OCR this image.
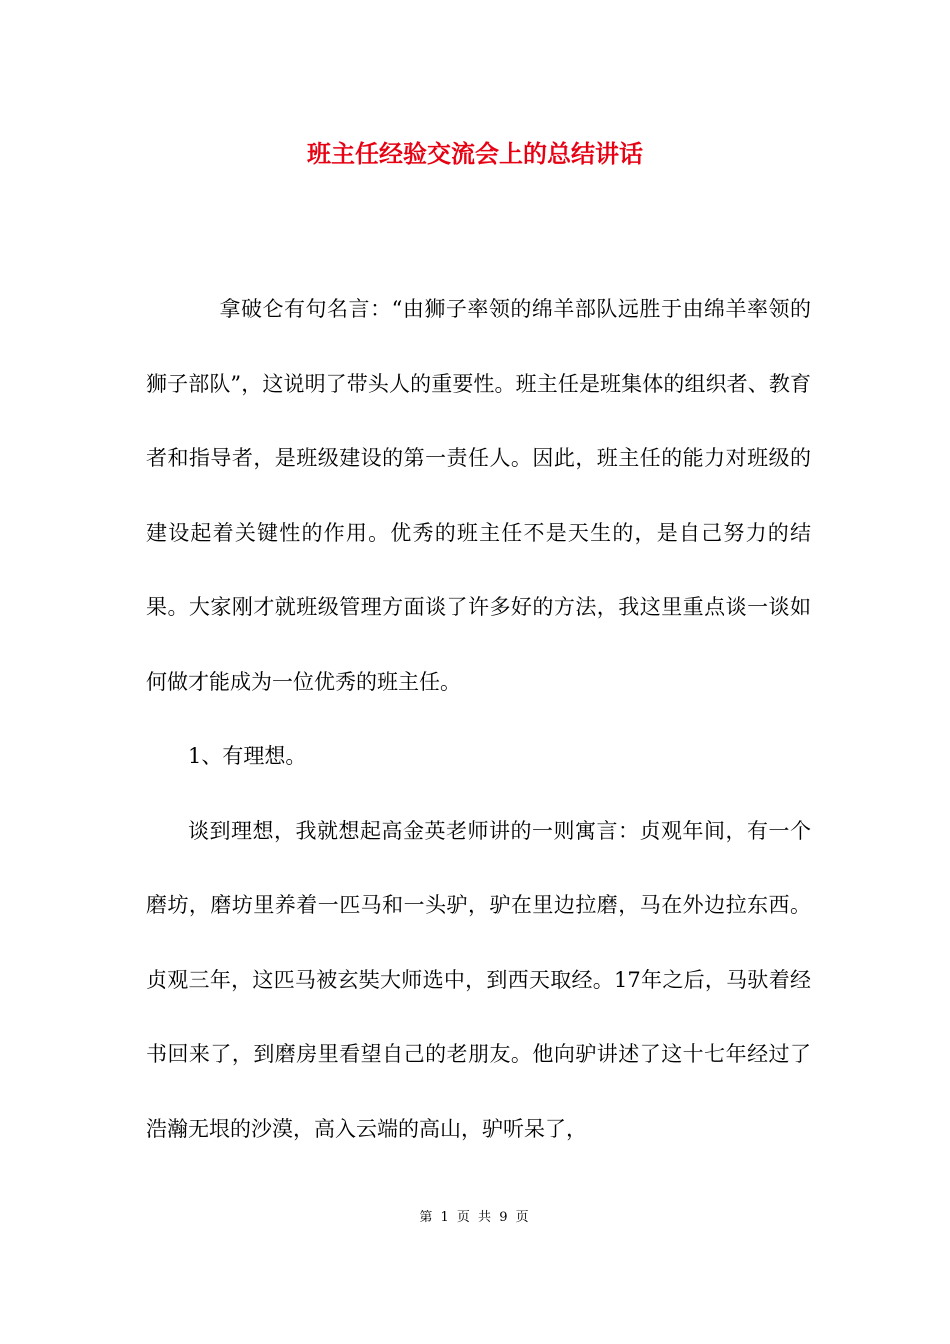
班主任经验交流会上的总结讲话

拿破仑有句名言：“由狮子率领的绵羊部队远胜于由绵羊率领的狮子部队”，这说明了带头人的重要性。班主任是班集体的组织者、教育者和指导者，是班级建设的第一责任人。因此，班主任的能力对班级的建设起着关键性的作用。优秀的班主任不是天生的，是自己努力的结果。大家刚才就班级管理方面谈了许多好的方法，我这里重点谈一谈如何做才能成为一位优秀的班主任。

1、有理想。

谈到理想，我就想起高金英老师讲的一则寓言：贞观年间，有一个磨坊，磨坊里养着一匹马和一头驴，驴在里边拉磨，马在外边拉东西。贞观三年，这匹马被玄奘大师选中，到西天取经。17年之后，马驮着经书回来了，到磨房里看望自己的老朋友。他向驴讲述了这十七年经过了浩瀚无垠的沙漠，高入云端的高山，驴听呆了，

第 1 页 共 9 页
